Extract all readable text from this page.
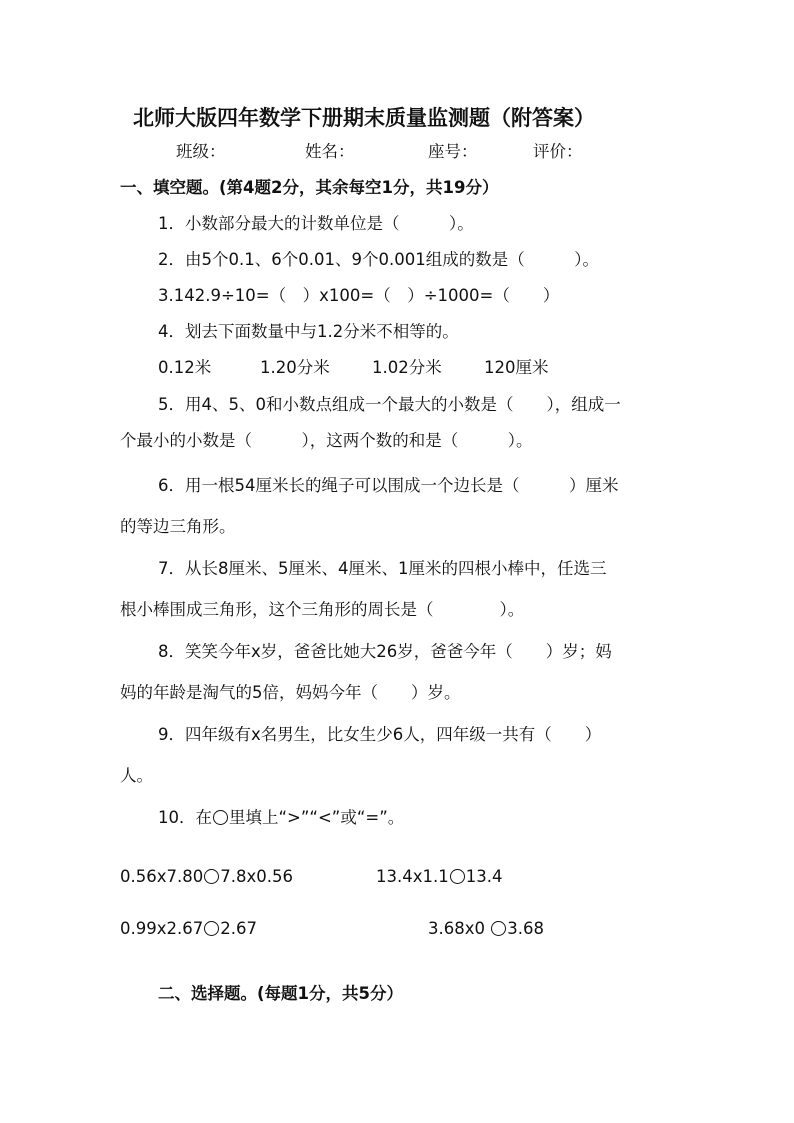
北师大版四年数学下册期末质量监测题（附答案）
班级：	姓名：	座号：	评价：
一、填空题。(第4题2分，其余每空1分，共19分）
1．小数部分最大的计数单位是（　　　）。
2．由5个0.1、6个0.01、9个0.001组成的数是（　　　）。
3.142.9÷10=（　）x100=（　）÷1000=（　　）
4．划去下面数量中与1.2分米不相等的。
0.12米	1.20分米	1.02分米	120厘米
5．用4、5、0和小数点组成一个最大的小数是（　　），组成一
个最小的小数是（　　　），这两个数的和是（　　　）。
6．用一根54厘米长的绳子可以围成一个边长是（　　　）厘米
的等边三角形。
7．从长8厘米、5厘米、4厘米、1厘米的四根小棒中，任选三
根小棒围成三角形，这个三角形的周长是（　　　　）。
8．笑笑今年x岁，爸爸比她大26岁，爸爸今年（　　）岁；妈
妈的年龄是淘气的5倍，妈妈今年（　　）岁。
9．四年级有x名男生，比女生少6人，四年级一共有（　　）
人。
10．在 里填上“>”“<”或“=”。
0.56x7.80 7.8x0.56	13.4x1.1 13.4
0.99x2.67 2.67	3.68x0 3.68
二、选择题。(每题1分，共5分）
